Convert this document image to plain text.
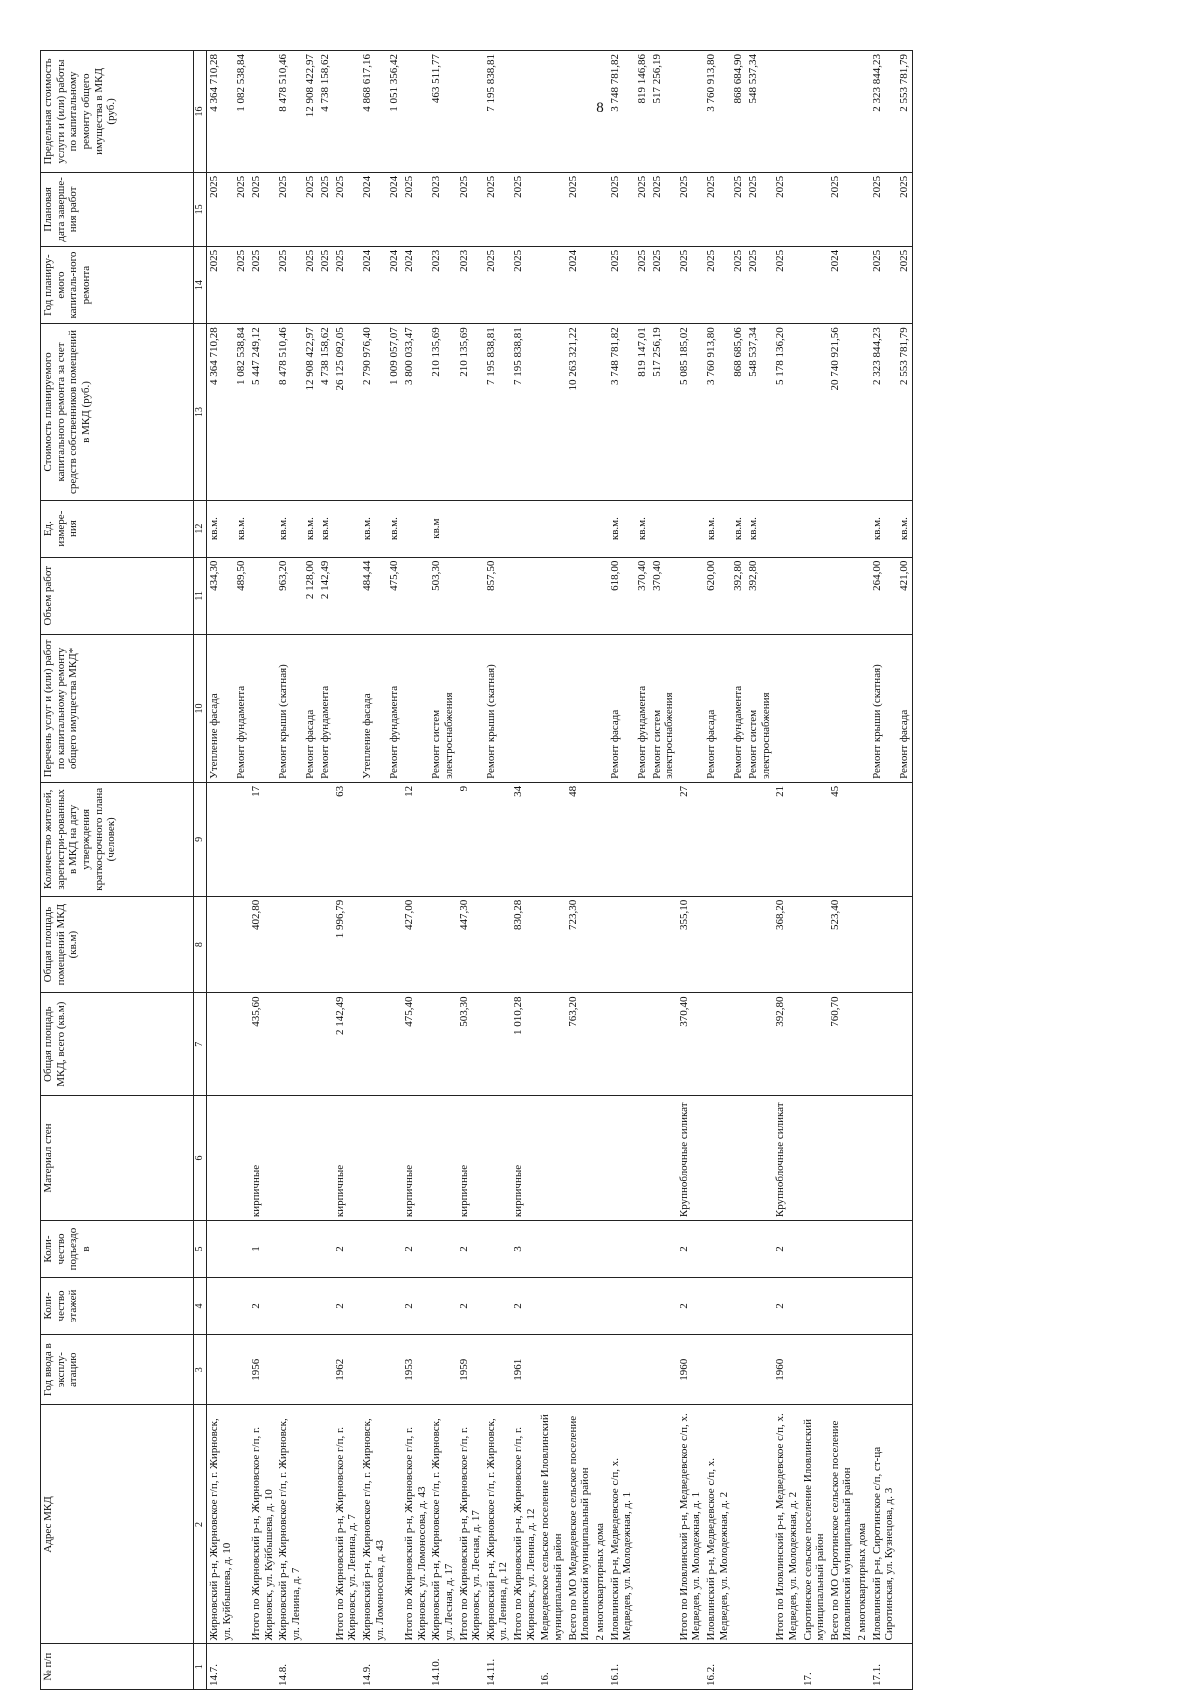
8
№ п/п	Адрес МКД	Год ввода в эксплу-атацию	Коли-чество этажей	Коли-чество подъездо в	Материал стен	Общая площадь МКД, всего (кв.м)	Общая площадь помещений МКД (кв.м)	Количество жителей, зарегистри-рованных в МКД на дату утверждения краткосрочного плана (человек)	Перечень услуг и (или) работ по капитальному ремонту общего имущества МКД*	Объем работ	Ед. измере-ния	Стоимость планируемого капитального ремонта за счет средств собственников помещений в МКД (руб.)	Год планиру-емого капиталь-ного ремонта	Плановая дата заверше-ния работ	Предельная стоимость услуги и (или) работы по капитальному ремонту общего имущества в МКД (руб.)
1	2	3	4	5	6	7	8	9	10	11	12	13	14	15	16
14.7.	Жирновский р-н, Жирновское г/п, г. Жирновск, ул. Куйбышева, д. 10								Утепление фасада	434,30	кв.м.	4 364 710,28	2025	2025	4 364 710,28
									Ремонт фундамента	489,50	кв.м.	1 082 538,84	2025	2025	1 082 538,84
	Итого по Жирновский р-н, Жирновское г/п, г. Жирновск, ул. Куйбышева, д. 10	1956	2	1	кирпичные	435,60	402,80	17				5 447 249,12	2025	2025	
14.8.	Жирновский р-н, Жирновское г/п, г. Жирновск, ул. Ленина, д. 7								Ремонт крыши (скатная)	963,20	кв.м.	8 478 510,46	2025	2025	8 478 510,46
									Ремонт фасада	2 128,00	кв.м.	12 908 422,97	2025	2025	12 908 422,97
									Ремонт фундамента	2 142,49	кв.м.	4 738 158,62	2025	2025	4 738 158,62
	Итого по Жирновский р-н, Жирновское г/п, г. Жирновск, ул. Ленина, д. 7	1962	2	2	кирпичные	2 142,49	1 996,79	63				26 125 092,05	2025	2025	
14.9.	Жирновский р-н, Жирновское г/п, г. Жирновск, ул. Ломоносова, д. 43								Утепление фасада	484,44	кв.м.	2 790 976,40	2024	2024	4 868 617,16
									Ремонт фундамента	475,40	кв.м.	1 009 057,07	2024	2024	1 051 356,42
	Итого по Жирновский р-н, Жирновское г/п, г. Жирновск, ул. Ломоносова, д. 43	1953	2	2	кирпичные	475,40	427,00	12				3 800 033,47	2024	2025	
14.10.	Жирновский р-н, Жирновское г/п, г. Жирновск, ул. Лесная, д. 17								Ремонт систем электроснабжения	503,30	кв.м	210 135,69	2023	2023	463 511,77
	Итого по Жирновский р-н, Жирновское г/п, г. Жирновск, ул. Лесная, д. 17	1959	2	2	кирпичные	503,30	447,30	9				210 135,69	2023	2025	
14.11.	Жирновский р-н, Жирновское г/п, г. Жирновск, ул. Ленина, д. 12								Ремонт крыши (скатная)	857,50		7 195 838,81	2025	2025	7 195 838,81
	Итого по Жирновский р-н, Жирновское г/п, г. Жирновск, ул. Ленина, д. 12	1961	2	3	кирпичные	1 010,28	830,28	34				7 195 838,81	2025	2025	
16.	Медведевское сельское поселение Иловлинский муниципальный район														
	Всего по МО Медведевское сельское поселение Иловлинский муниципальный район					763,20	723,30	48				10 263 321,22	2024	2025	
	2 многоквартирных дома														
16.1.	Иловлинский р-н, Медведевское с/п, х. Медведев, ул. Молодежная, д. 1								Ремонт фасада	618,00	кв.м.	3 748 781,82	2025	2025	3 748 781,82
									Ремонт фундамента	370,40	кв.м.	819 147,01	2025	2025	819 146,86
									Ремонт систем электроснабжения	370,40		517 256,19	2025	2025	517 256,19
	Итого по Иловлинский р-н, Медведевское с/п, х. Медведев, ул. Молодежная, д. 1	1960	2	2	Крупноблочные силикат	370,40	355,10	27				5 085 185,02	2025	2025	
16.2.	Иловлинский р-н, Медведевское с/п, х. Медведев, ул. Молодежная, д. 2								Ремонт фасада	620,00	кв.м.	3 760 913,80	2025	2025	3 760 913,80
									Ремонт фундамента	392,80	кв.м.	868 685,06	2025	2025	868 684,90
									Ремонт систем электроснабжения	392,80	кв.м.	548 537,34	2025	2025	548 537,34
	Итого по Иловлинский р-н, Медведевское с/п, х. Медведев, ул. Молодежная, д. 2	1960	2	2	Крупноблочные силикат	392,80	368,20	21				5 178 136,20	2025	2025	
17.	Сиротинское сельское поселение Иловлинский муниципальный район														
	Всего по МО Сиротинское сельское поселение Иловлинский муниципальный район					760,70	523,40	45				20 740 921,56	2024	2025	
	2 многоквартирных дома														
17.1.	Иловлинский р-н, Сиротинское с/п, ст-ца Сиротинская, ул. Кузнецова, д. 3								Ремонт крыши (скатная)	264,00	кв.м.	2 323 844,23	2025	2025	2 323 844,23
									Ремонт фасада	421,00	кв.м.	2 553 781,79	2025	2025	2 553 781,79
